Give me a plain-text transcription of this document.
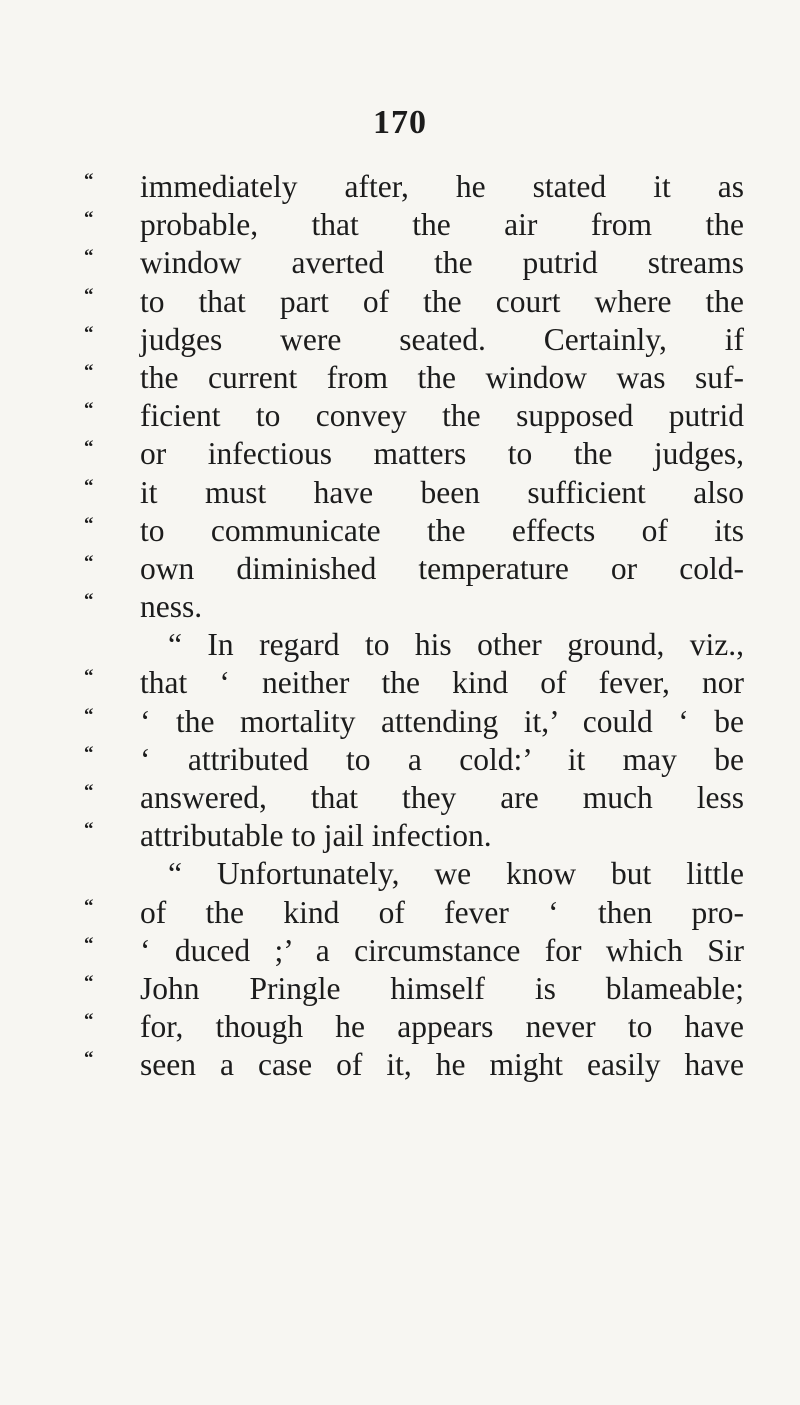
170
“	immediately after, he stated it as
“	probable, that the air from the
“	window averted the putrid streams
“	to that part of the court where the
“	judges were seated. Certainly, if
“	the current from the window was suf-
“	ficient to convey the supposed putrid
“	or infectious matters to the judges,
“	it must have been sufficient also
“	to communicate the effects of its
“	own diminished temperature or cold-
“	ness.
“ In regard to his other ground, viz.,
“	that ‘ neither the kind of fever, nor
“	‘ the mortality attending it,’ could ‘ be
“	‘ attributed to a cold:’ it may be
“	answered, that they are much less
“	attributable to jail infection.
“ Unfortunately, we know but little
“	of the kind of fever ‘ then pro-
“	‘ duced ;’ a circumstance for which Sir
“	John Pringle himself is blameable;
“	for, though he appears never to have
“	seen a case of it, he might easily have
